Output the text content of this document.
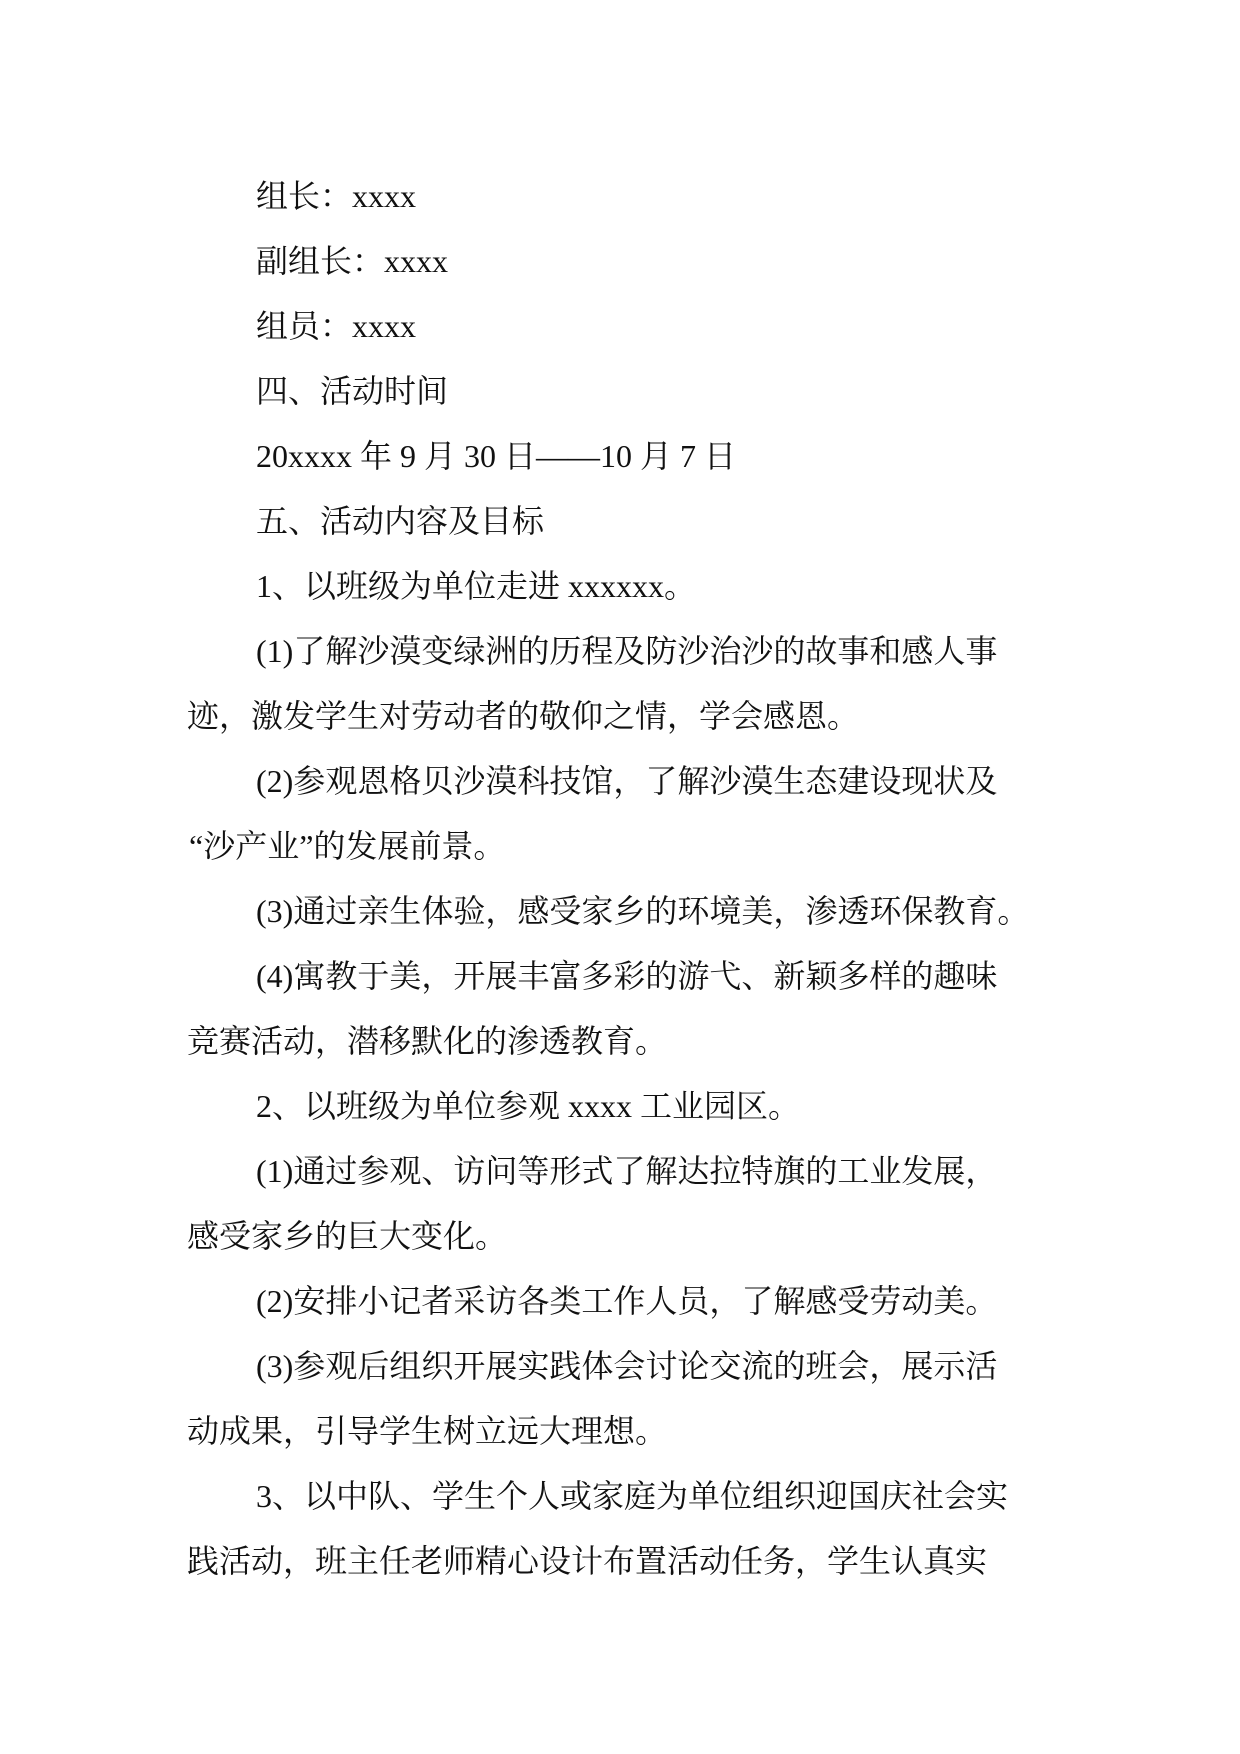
组长：xxxx
副组长：xxxx
组员：xxxx
四、活动时间
20xxxx 年 9 月 30 日——10 月 7 日
五、活动内容及目标
1、以班级为单位走进 xxxxxx。
(1)了解沙漠变绿洲的历程及防沙治沙的故事和感人事
迹，激发学生对劳动者的敬仰之情，学会感恩。
(2)参观恩格贝沙漠科技馆，了解沙漠生态建设现状及
“沙产业”的发展前景。
(3)通过亲生体验，感受家乡的环境美，渗透环保教育。
(4)寓教于美，开展丰富多彩的游弋、新颖多样的趣味
竞赛活动，潜移默化的渗透教育。
2、以班级为单位参观 xxxx 工业园区。
(1)通过参观、访问等形式了解达拉特旗的工业发展，
感受家乡的巨大变化。
(2)安排小记者采访各类工作人员，了解感受劳动美。
(3)参观后组织开展实践体会讨论交流的班会，展示活
动成果，引导学生树立远大理想。
3、以中队、学生个人或家庭为单位组织迎国庆社会实
践活动，班主任老师精心设计布置活动任务，学生认真实
